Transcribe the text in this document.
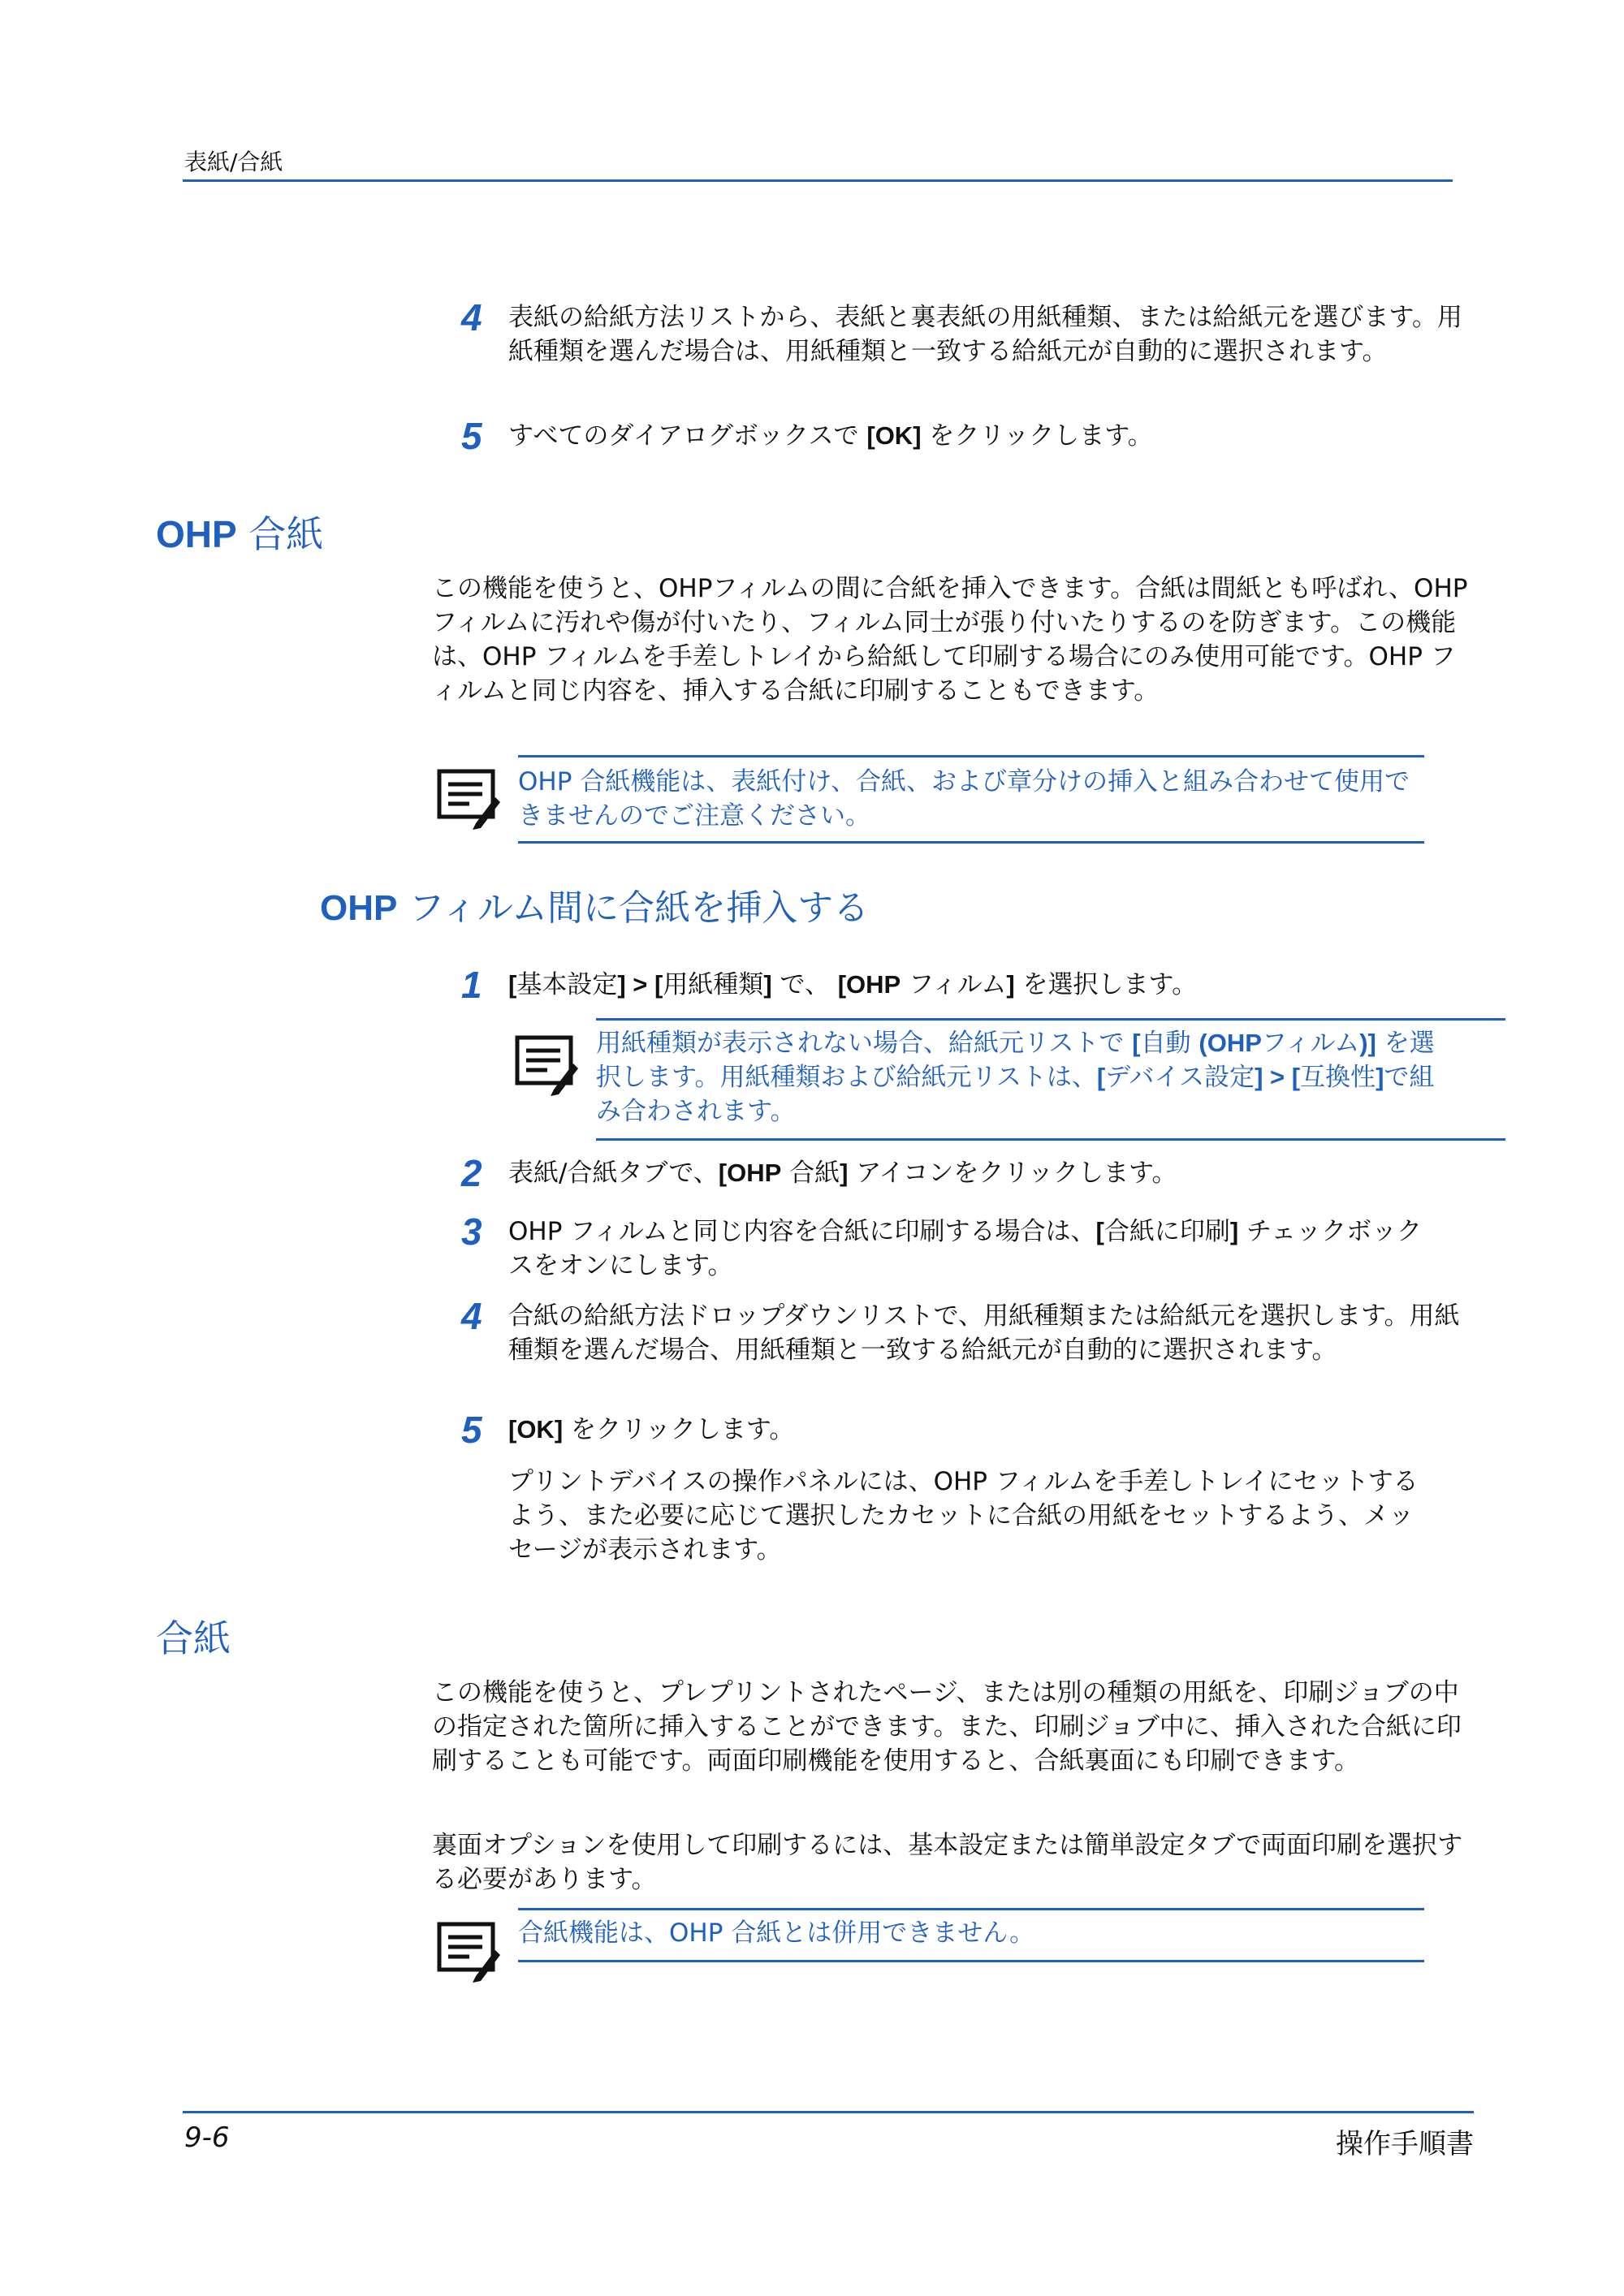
表紙/合紙
4	表紙の給紙方法リストから、表紙と裏表紙の用紙種類、または給紙元を選びます。用紙種類を選んだ場合は、用紙種類と一致する給紙元が自動的に選択されます。
5	すべてのダイアログボックスで [OK] をクリックします。
OHP 合紙
この機能を使うと、OHPフィルムの間に合紙を挿入できます。合紙は間紙とも呼ばれ、OHP フィルムに汚れや傷が付いたり、フィルム同士が張り付いたりするのを防ぎます。この機能は、OHP フィルムを手差しトレイから給紙して印刷する場合にのみ使用可能です。OHP フィルムと同じ内容を、挿入する合紙に印刷することもできます。
OHP 合紙機能は、表紙付け、合紙、および章分けの挿入と組み合わせて使用できませんのでご注意ください。
OHP フィルム間に合紙を挿入する
1	[基本設定] > [用紙種類] で、 [OHP フィルム] を選択します。
用紙種類が表示されない場合、給紙元リストで [自動 (OHPフィルム)] を選択します。用紙種類および給紙元リストは、[デバイス設定] > [互換性]で組み合わされます。
2	表紙/合紙タブで、[OHP 合紙] アイコンをクリックします。
3	OHP フィルムと同じ内容を合紙に印刷する場合は、[合紙に印刷] チェックボックスをオンにします。
4	合紙の給紙方法ドロップダウンリストで、用紙種類または給紙元を選択します。用紙種類を選んだ場合、用紙種類と一致する給紙元が自動的に選択されます。
5	[OK] をクリックします。
プリントデバイスの操作パネルには、OHP フィルムを手差しトレイにセットするよう、また必要に応じて選択したカセットに合紙の用紙をセットするよう、メッセージが表示されます。
合紙
この機能を使うと、プレプリントされたページ、または別の種類の用紙を、印刷ジョブの中の指定された箇所に挿入することができます。また、印刷ジョブ中に、挿入された合紙に印刷することも可能です。両面印刷機能を使用すると、合紙裏面にも印刷できます。
裏面オプションを使用して印刷するには、基本設定または簡単設定タブで両面印刷を選択する必要があります。
合紙機能は、OHP 合紙とは併用できません。
9-6	操作手順書
